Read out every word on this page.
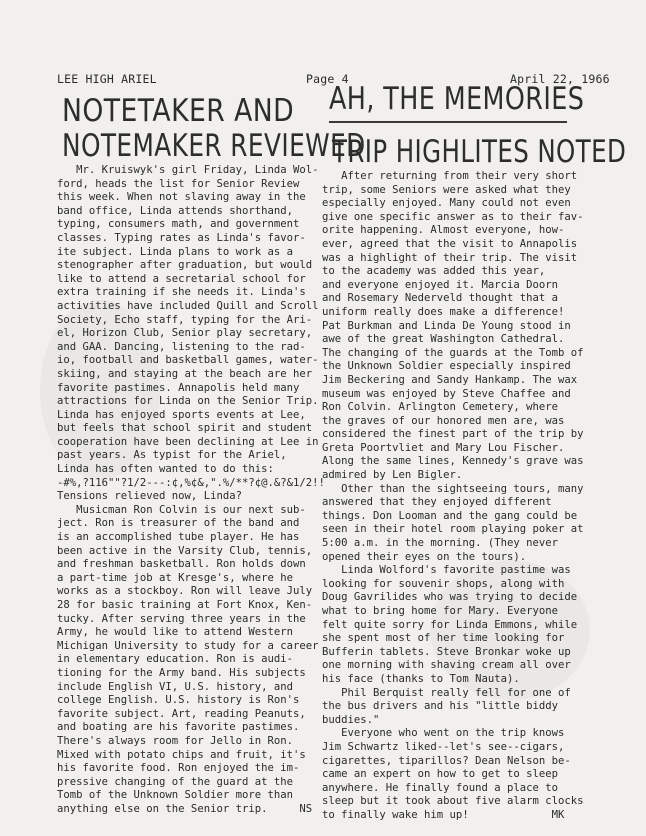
LEE HIGH ARIEL	Page 4	April 22, 1966
NOTETAKER AND
NOTEMAKER REVIEWED
AH, THE MEMORIES
TRIP HIGHLITES NOTED
Mr. Kruiswyk's girl Friday, Linda Wol-
ford, heads the list for Senior Review
this week. When not slaving away in the
band office, Linda attends shorthand,
typing, consumers math, and government
classes. Typing rates as Linda's favor-
ite subject. Linda plans to work as a
stenographer after graduation, but would
like to attend a secretarial school for
extra training if she needs it. Linda's
activities have included Quill and Scroll
Society, Echo staff, typing for the Ari-
el, Horizon Club, Senior play secretary,
and GAA. Dancing, listening to the rad-
io, football and basketball games, water-
skiing, and staying at the beach are her
favorite pastimes. Annapolis held many
attractions for Linda on the Senior Trip.
Linda has enjoyed sports events at Lee,
but feels that school spirit and student
cooperation have been declining at Lee in
past years. As typist for the Ariel,
Linda has often wanted to do this:
-#%,?116""?1/2---:¢,%¢&,".%/**?¢@.&?&1/2!!
Tensions relieved now, Linda?
Musicman Ron Colvin is our next sub-
ject. Ron is treasurer of the band and
is an accomplished tube player. He has
been active in the Varsity Club, tennis,
and freshman basketball. Ron holds down
a part-time job at Kresge's, where he
works as a stockboy. Ron will leave July
28 for basic training at Fort Knox, Ken-
tucky. After serving three years in the
Army, he would like to attend Western
Michigan University to study for a career
in elementary education. Ron is audi-
tioning for the Army band. His subjects
include English VI, U.S. history, and
college English. U.S. history is Ron's
favorite subject. Art, reading Peanuts,
and boating are his favorite pastimes.
There's always room for Jello in Ron.
Mixed with potato chips and fruit, it's
his favorite food. Ron enjoyed the im-
pressive changing of the guard at the
Tomb of the Unknown Soldier more than
anything else on the Senior trip.     NS
After returning from their very short
trip, some Seniors were asked what they
especially enjoyed. Many could not even
give one specific answer as to their fav-
orite happening. Almost everyone, how-
ever, agreed that the visit to Annapolis
was a highlight of their trip. The visit
to the academy was added this year,
and everyone enjoyed it. Marcia Doorn
and Rosemary Nederveld thought that a
uniform really does make a difference!
Pat Burkman and Linda De Young stood in
awe of the great Washington Cathedral.
The changing of the guards at the Tomb of
the Unknown Soldier especially inspired
Jim Beckering and Sandy Hankamp. The wax
museum was enjoyed by Steve Chaffee and
Ron Colvin. Arlington Cemetery, where
the graves of our honored men are, was
considered the finest part of the trip by
Greta Poortvliet and Mary Lou Fischer.
Along the same lines, Kennedy's grave was
admired by Len Bigler.
Other than the sightseeing tours, many
answered that they enjoyed different
things. Don Looman and the gang could be
seen in their hotel room playing poker at
5:00 a.m. in the morning. (They never
opened their eyes on the tours).
Linda Wolford's favorite pastime was
looking for souvenir shops, along with
Doug Gavrilides who was trying to decide
what to bring home for Mary. Everyone
felt quite sorry for Linda Emmons, while
she spent most of her time looking for
Bufferin tablets. Steve Bronkar woke up
one morning with shaving cream all over
his face (thanks to Tom Nauta).
Phil Berquist really fell for one of
the bus drivers and his "little biddy
buddies."
Everyone who went on the trip knows
Jim Schwartz liked--let's see--cigars,
cigarettes, tiparillos? Dean Nelson be-
came an expert on how to get to sleep
anywhere. He finally found a place to
sleep but it took about five alarm clocks
to finally wake him up!             MK
